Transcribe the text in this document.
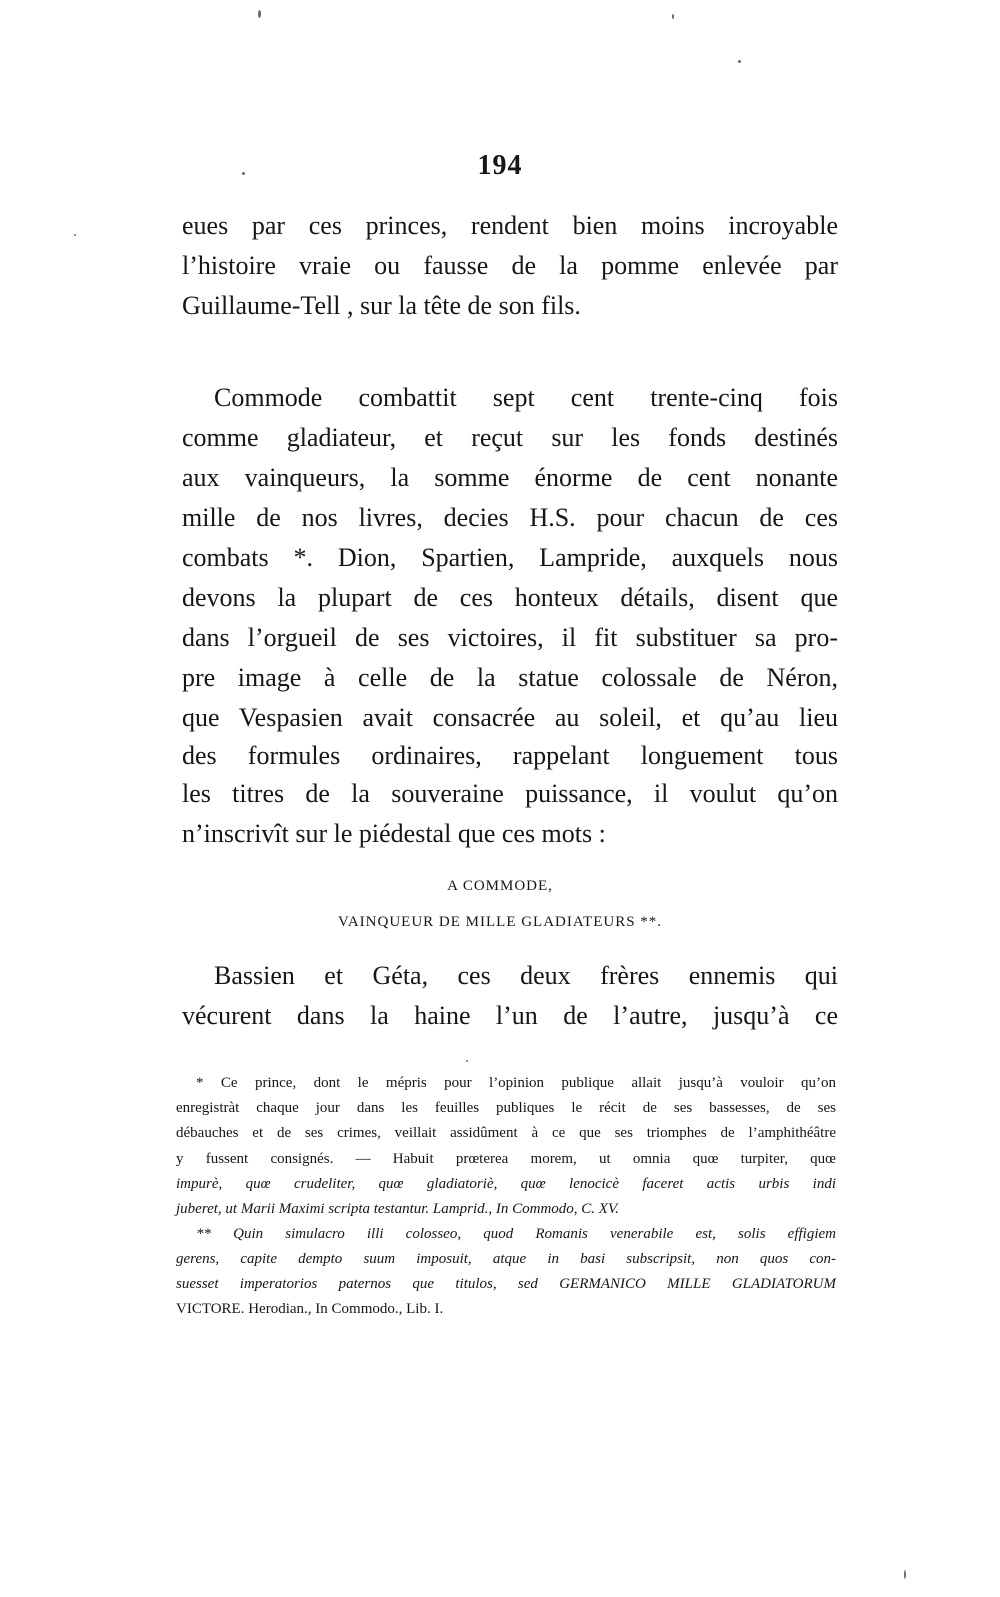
194
eues par ces princes, rendent bien moins incroyable
l’histoire vraie ou fausse de la pomme enlevée par
Guillaume-Tell , sur la tête de son fils.
Commode combattit sept cent trente-cinq fois
comme gladiateur, et reçut sur les fonds destinés
aux vainqueurs, la somme énorme de cent nonante
mille de nos livres, decies H.S. pour chacun de ces
combats *. Dion, Spartien, Lampride, auxquels nous
devons la plupart de ces honteux détails, disent que
dans l’orgueil de ses victoires, il fit substituer sa pro-
pre image à celle de la statue colossale de Néron,
que Vespasien avait consacrée au soleil, et qu’au lieu
des formules ordinaires, rappelant longuement tous
les titres de la souveraine puissance, il voulut qu’on
n’inscrivît sur le piédestal que ces mots :
A COMMODE,
VAINQUEUR DE MILLE GLADIATEURS **.
Bassien et Géta, ces deux frères ennemis qui
vécurent dans la haine l’un de l’autre, jusqu’à ce
* Ce prince, dont le mépris pour l’opinion publique allait jusqu’à vouloir qu’on
enregistràt chaque jour dans les feuilles publiques le récit de ses bassesses, de ses
débauches et de ses crimes, veillait assidûment à ce que ses triomphes de l’amphithéâtre
y fussent consignés. — Habuit prœterea morem, ut omnia quœ turpiter, quœ
impurè, quœ crudeliter, quœ gladiatoriè, quœ lenocicè faceret actis urbis indi
juberet, ut Marii Maximi scripta testantur. Lamprid., In Commodo, C. XV.
** Quin simulacro illi colosseo, quod Romanis venerabile est, solis effigiem
gerens, capite dempto suum imposuit, atque in basi subscripsit, non quos con-
suesset imperatorios paternos que titulos, sed GERMANICO MILLE GLADIATORUM
VICTORE. Herodian., In Commodo., Lib. I.
